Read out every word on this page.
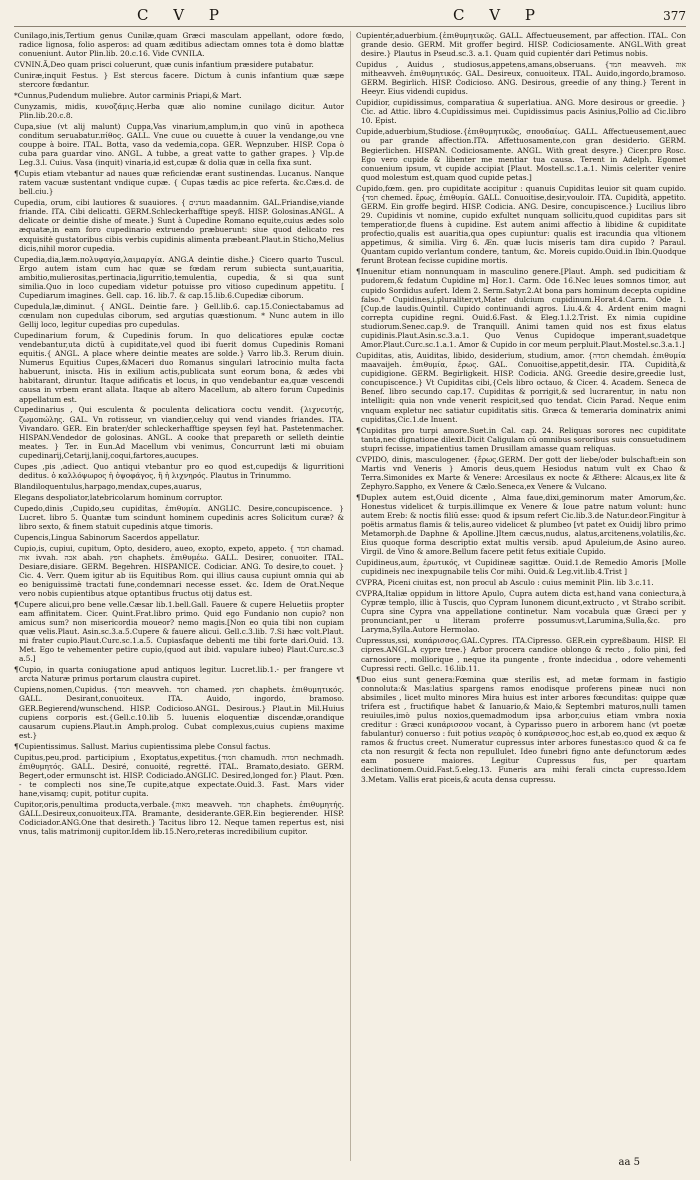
C V P	C V P	377

Cunilago,inis,Tertium genus Cunilæ,quam Græci masculam appellant, odore fœdo, radice lignosa, folio asperos: ad quam æditibus adiectam omnes tota è domo blattæ conueniunt. Autor Plin.lib. 20.c.16. Vide CVNILA.

CVNIN.Ã,Deo quam prisci coluerunt, quæ cunis infantium præsidere putabatur.

Cuniræ,inquit Festus. } Est stercus facere. Dictum à cunis infantium quæ sæpe stercore fœdantur.

*Cunnus,Pudendum muliebre. Autor carminis Priapi,& Mart.

Cunyzamis, midis, κυνοζάμις.Herba quæ alio nomine cunilago dicitur. Autor Plin.lib.20.c.8.

Cupa,siue (vt alij malunt) Cuppa,Vas vinarium,amplum,in quo vinū in apotheca conditum seruabatur.πίθος. GALL. Vne cuue ou cuuette à cuuer la vendange,ou vne couppe à boire. ITAL. Botta, vaso da vedemia,copa. GER. Wepnzuber. HISP. Copa ò cuba para guardar vino. ANGL. A tubbe, a great vatte to gather grapes. } Vlp.de Leg.3.l. Cuius. Vasa (inquit) vinaria,id est,cupæ & dolia quæ in cella fixa sunt.

¶Cupis etiam vtebantur ad naues quæ reficiendæ erant sustinendas. Lucanus. Nanque ratem vacuæ sustentant vndique cupæ. { Cupas tædis ac pice referta. &c.Cæs.d. de bell.ciu.}

Cupedia, orum, cibi lautiores & suauiores. { מעדנים maadannim. GAL.Friandise,viande friande. ITA. Cibi delicatti. GERM.Schleckerhafftige speyß. HISP. Golosinas.ANGL. A delicate or deintie dishe of meate.} Sunt à Cupedine Romano equite,cuius ædes solo æquatæ,in eam foro cupedinario extruendo præbuerunt: siue quod delicato res exquisitè gustatoribus cibis verbis cupidinis alimenta præbeant.Plaut.in Sticho,Melius dicis,nihil moror cupedia.

Cupedia,dia,læm.πολυφαγία,λαιμαργία. ANG.A deintie dishe.} Cicero quarto Tuscul. Ergo autem istam cum hac quæ se fœdam rerum subiecta sunt,auaritia, ambitio,mulierositas,pertinacia,ligurritio,temulentia, cupedia, & si qua sunt similia.Quo in loco cupediam videtur potuisse pro vitioso cupedinum appetitu. [ Cupediarum imagines. Gell. cap. 16. lib.7. & cap.15.lib.6.Cupediæ ciborum.

Cupedula,læ,diminut. { ANGL. Deintie fare. } Gell.lib.6. cap.15.Coniectabamus ad cœnulam non cupedulas ciborum, sed argutias quæstionum. * Nunc autem in illo Gellij loco, legitur cupedias pro cupedulas.

Cupedinarium forum, & Cupedinis forum. In quo delicatiores epulæ coctæ vendebantur,uta dictū à cupiditate,vel quod ibi fuerit domus Cupedinis Romani equitis.{ ANGL. A place where deintie meates are solde.} Varro lib.3. Rerum diuin. Numerus Equitius Cupes,&Maceri duo Romanus singulari latrocinio multa facta habuerunt, iniscta. His in exilium actis,publicata sunt eorum bona, & ædes vbi habitarant, diruntur. Itaque adificatis et locus, in quo vendebantur ea,quæ vescendi causa in vrbem erant allata. Itaque ab altero Macellum, ab altero forum Cupedinis appellatum est.

Cupedinarius , Qui esculenta & poculenta delicatiora coctu vendit. {λιχνευτής, ζωμοπώλης. GAL. Vn rotisseur, vn viandier,celuy qui vend viandes friandes. ITA. Vivandaro. GER. Ein brater/der schleckerhafftige speysen feyl hat. Pastetenmacher. HISPAN.Vendedor de golosinas. ANGL. A cooke that prepareth or selleth deintie meates. } Ter. in Eun.Ad Macellum vbi venimus, Concurrunt læti mi obuiam cupedinarij,Cetarij,lanij,coqui,fartores,aucupes.

Cupes ,pis ,adiect. Quo antiqui vtebantur pro eo quod est,cupedijs & ligurritioni deditus. ὁ καλλόψωρος ἡ ὀψοφάγος, ἢ ἡ λιχνηρός. Plautus in Trinummo.

Blandiloquentulus,harpago,mendax,cupes,auarus,

Elegans despoliator,latebricolarum hominum corruptor.

Cupedo,dinis ,Cupido,seu cupiditas, ἐπιθυμία. ANGLIC. Desire,concupiscence. } Lucret. libro 5. Quantæ tum scindunt hominem cupedinis acres Solicitum curæ? & libro sexto, & finem statuit cupedinis atque timoris.

Cupencis,Lingua Sabinorum Sacerdos appellatur.

Cupio,is, cupiui, cupitum, Opto, desidero, aueo, exopto, expeto, appeto. { חמד chamad. אוה ivvah. אבה abah. חפץ chaphets. ἐπιθυμέω. GALL. Desirer, conuoiter. ITAL. Desiare,disiare. GERM. Begehren. HISPANICE. Codiciar. ANG. To desire,to couet. } Cic. 4. Verr. Quem igitur ab iis Equitibus Rom. qui illius causa cupiunt omnia qui ab eo beniguissimè tractati fune,condemnari necesse esset. &c. Idem de Orat.Neque vero nobis cupientibus atque optantibus fructus otij datus est.

¶Cupere alicui,pro bene velle.Cæsar lib.1.bell.Gall. Fauere & cupere Heluetiis propter eam affinitatem. Cicer. Quint.Frat.libro primo. Quid ego Fundanio non cupio? non amicus sum? non misericordia moueor? nemo magis.[Non eo quia tibi non cupiam quæ velis.Plaut. Asin.sc.3.a.5.Cupere & fauere alicui. Gell.c.3.lib. 7.Si hæc volt.Plaut. mi frater cupio.Plaut.Curc.sc.1.a.5. Cupiasfaque debenti me tibi forte dari.Ouid. 13. Met. Ego te vehementer petire cupio,(quod aut ibid. vapulare iubeo) Plaut.Curc.sc.3 a.5.]

¶Cupio, in quarta coniugatione apud antiquos legitur. Lucret.lib.1.- per frangere vt arcta Naturæ primus portarum claustra cupiret.

Cupiens,nomen,Cupidus. {חמד meavveh. חמד chamed. חפץ chaphets. ἐπιθυμητικός. GALL. Desirant,conuoiteux. ITA. Auido, ingordo, bramoso. GER.Begierend/wunschend. HISP. Codicioso.ANGL. Desirous.} Plaut.in Mil.Huius cupiens corporis est.{Gell.c.10.lib 5. luuenis eloquentiæ discendæ,orandique causarum cupiens.Plaut.in Amph.prolog. Cubat complexus,cuius cupiens maxime est.}

¶Cupientissimus. Sallust. Marius cupientissima plebe Consul factus.

Cupitus,peu,prod. participium , Exoptatus,expetitus.{חמוד chamudh. חמדה nechmadh. ἐπιθυμητός. GALL. Desiré, conuoité, regretté. ITAL. Bramato,desiato. GERM. Begert,oder ermunscht ist. HISP. Codiciado.ANGLIC. Desired,longed for.} Plaut. Pœn. - te complecti nos sine,Te cupite,atque expectate.Ouid.3. Fast. Mars vider hane,visamq; cupit, potitur cupita.

Cupitor,oris,penultima producta,verbale.{מאוה meavveh. חמד chaphets. ἐπιθυμητής. GALL.Desireux,conuoiteux.ITA. Bramante, desiderante.GER.Ein begierender. HISP. Codiciador.ANG.One that desireth.} Tacitus libro 12. Neque tamen repertus est, nisi vnus, talis matrimonij cupitor.Idem lib.15.Nero,reteras incredibilium cupitor.

Cupientér,aduerbium.{ἐπιθυμητικῶς. GALL. Affectueusement, par affection. ITAL. Con grande desio. GERM. Mit groffer begird. HISP. Codiciosamente. ANGL.With great desire.} Plautus in Pseud.sc.3. a.1. Quam quid cupientér dari Petimus nobis.

Cupidus , Auidus , studiosus,appetens,amans,obseruans. {חמד meavveh. אוה mitheavveh. ἐπιθυμητικός. GAL. Desireux, conuoiteux. ITAL. Auido,ingordo,bramoso. GERM. Begirlich. HISP. Codicioso. ANG. Desirous, greedie of any thing.} Terent in Heeyr. Eius videndi cupidus.

Cupidior, cupidissimus, comparatiua & superlatiua. ANG. More desirous or greedie. } Cic. ad Attic. libro 4.Cupidissimus mei. Cupidissimus pacis Asinius,Pollio ad Cic.libro 10. Epist.

Cupide,aduerbium,Studiose.{ἐπιθυμητικῶς, σπουδαίως. GALL. Affectueusement,auec ou par grande affection.ITA. Affettuosamente,con gran desiderio. GERM. Begierlichen. HISPAN. Codiciosamente. ANGL. With great desyre.} Cicer.pro Rosc. Ego vero cupide & libenter me mentiar tua causa. Terent in Adelph. Egomet conuenium ipsum, vt cupide accipiat [Plaut. Mostell.sc.1.a.1. Nimis celeriter venire quod molestum est,quam quod cupide petas.]

Cupido,fœm. gen. pro cupiditate accipitur : quanuis Cupiditas leuior sit quam cupido. {חמד chemed. ἔρως, ἐπιθυμία. GALL. Conuoitise,desir,vouloir. ITA. Cupidità, appetito. GERM. Ein groffe begird. HISP. Codicia. ANG. Desire, concupiscence.} Lucilius libro 29. Cupidinis vt nomine, cupido exfultet nunquam sollicitu,quod cupiditas pars sit temperatior,de fluens à cupidine. Est autem animi affectio à libidine & cupiditate profectio,qualis est auaritia,qua opes cupiuntur: qualis est iracundia qua vltionem appetimus, & similia. Virg 6. Æn. quæ lucis miseris tam dira cupido ? Paraul. Quantam cupido verlantum condere, tantum, &c. Moreis cupido.Ouid.in Ibin.Quodque ferunt Brotean fecisse cupidine mortis.

¶Inuenitur etiam nonnunquam in masculino genere.[Plaut. Amph. sed pudicitiam & pudorem,& fedatum Cupidine m] Hor.1. Carm. Ode 16.Nec leues somnos timor, aut cupido Sordidus aufert. Idem 2. Serm.Satyr.2.At bona pars hominum decepta cupidine falso.* Cupidines,i.pluraliter,vt,Mater dulcium cupidinum.Horat.4.Carm. Ode 1. [Cup.de laudis.Quintil. Cupido continuandi agros. Liu.4.& 4. Ardent enim magni correpta cupidine regni. Ouid.6.Fast. & Eleg.1.l.2.Trist. Ex nimia cupidine studiorum.Senec.cap.9. de Tranquill. Animi tamen quid nos est fixus elatus cupidinis.Plaut.Asin.sc.3.a.1. Quo Venus Cupidoque imperant,suadetque Amor.Plaut.Curc.sc.1.a.1. Amor & Cupido in cor meum perpluit.Plaut.Mostel.sc.3.a.1.]

Cupiditas, atis, Auiditas, libido, desiderium, studium, amor. {חמדה chemdah. ἐπιθυμία maavaijeh. ἐπιθυμία, ἔρως. GAL. Conuoitise,appetit,desir. ITA. Cupidità,& cupidigione. GERM. Begirligkeit. HISP. Codicia. ANG. Greedie desire,greedie lust, concupiscence.} Vt Cupiditas cibi,{Cels libro octauo, & Cicer. 4. Academ. Seneca de Benef. libro secundo cap.17. Cupiditas & porrigit,& sed lucrarentur, in natu non intelligit: quia non vnde venerit respicit,sed quo tendat. Cicin Parad. Neque enim vnquam expletur nec satiatur cupiditatis sitis. Græca & temeraria dominatrix animi cupiditas,Cic.1.de Inuent.

¶Cupiditas pro turpi amore.Suet.in Cal. cap. 24. Reliquas sorores nec cupiditate tanta,nec dignatione dilexit.Dicit Caligulam cū omnibus sororibus suis consuetudinem stupri fecisse, impatientius tamen Drusillam amasse quam reliquas.

CVPIDO, dinis, masculogener. {ἔρως.GERM. Der gott der liebe/oder bulschaft:ein son Martis vnd Veneris } Amoris deus,quem Hesiodus natum vult ex Chao & Terra.Simonides ex Marte & Venere: Arcesilaus ex nocte & Æthere: Alcaus,ex lite & Zephyro.Sappho, ex Venere & Cælo.Seneca,ex Venere & Vulcano.

¶Duplex autem est,Ouid dicente , Alma faue,dixi,geminorum mater Amorum,&c. Honestus videlicet & turpis.illimque ex Venere & Ioue patre natum volunt: hunc autem Ereb: & noctis filiū esse: quod & ipsum refert Cic.lib.3.de Natur.deor.Fingitur à poëtis armatus flamis & telis,aureo videlicet & plumbeo [vt patet ex Ouidij libro primo Metamorph.de Daphne & Apolline.]Item cæcus,nudus, alatus,arcitenens,volatilis,&c. Eius quoque forma descriptio extat multis versib. apud Apuleium,de Asino aureo. Virgil. de Vino & amore.Bellum facere petit fetus exitiale Cupido.

Cupidineus,aum, ἐρωτικός, vt Cupidineæ sagittæ. Ouid.1.de Remedio Amoris [Molle cupidineis nec inexpugnabile telis Cor mihi. Ouid.& Leg.vit.lib.4.Trist ]

CVPRA, Piceni ciuitas est, non procul ab Asculo : cuius meminit Plin. lib 3.c.11.

CVPRA,Italiæ oppidum in littore Apulo, Cupra autem dicta est,hand vana coniectura,à Cypræ templo, illic à Tuscis, quo Cypram Iunonem dicunt,extructo , vt Strabo scribit. Cupra sine Cypra vna appellatione continetur. Nam vocabula quæ Græci per y pronunciant,per u literam proferre possumus:vt,Larumina,Sulla,&c. pro Laryma,Sylla.Autore Hermolao.

Cupressus,ssi, κυπάρισσος.GAL.Cypres. ITA.Cipresso. GER.ein cypreßbaum. HISP. El cipres.ANGL.A cypre tree.} Arbor procera candice oblongo & recto , folio pini, fed carnosiore , molliorique , neque ita pungente , fronte indecidua , odore vehementi Cupressi recti. Gell.c. 16.lib.11.

¶Duo eius sunt genera:Fœmina quæ sterilis est, ad metæ formam in fastigio connoluta:& Mas:latius spargens ramos enodisque proferens pineæ nuci non absimiles , licet multo minores Mira huius est inter arbores fœcunditas: quippe quæ trifera est , fructifique habet & Ianuario,& Maio,& Septembri maturos,nulli tamen reuiuiles,imò pulus noxios,quemadmodum ipsa arbor,cuius etiam vmbra noxia creditur : Græci κυπάρισσον vocant, à Cyparisso puero in arborem hanc (vt poetæ fabulantur) conuerso : fuit potius νεαρὸς ὁ κυπάρισσος,hoc est,ab eo,quod ex æquo & ramos & fructus creet. Numeratur cupressus inter arbores funestas:co quod & ca fe cta non resurgit & fecta non repullulet. Ideo funebri figno ante defunctorum ædes eam posuere maiores. Legitur Cupressus fus, per quartam declinationem.Ouid.Fast.5.eleg.13. Funeris ara mihi ferali cincta cupresso.Idem 3.Metam. Vallis erat piceis,& acuta densa cupressu.

aa 5
